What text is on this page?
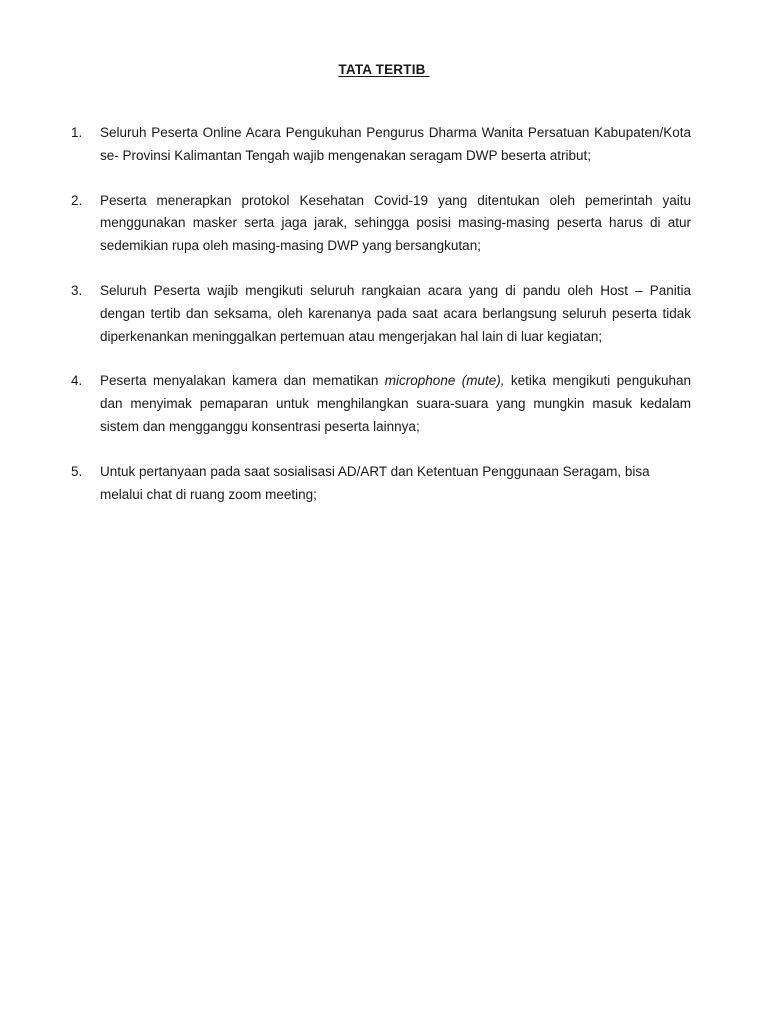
TATA TERTIB
1.	Seluruh Peserta Online Acara Pengukuhan Pengurus Dharma Wanita Persatuan Kabupaten/Kota se- Provinsi Kalimantan Tengah wajib mengenakan seragam DWP beserta atribut;
2.	Peserta menerapkan protokol Kesehatan Covid-19 yang ditentukan oleh pemerintah yaitu menggunakan masker serta jaga jarak, sehingga posisi masing-masing peserta harus di atur sedemikian rupa oleh masing-masing DWP yang bersangkutan;
3.	Seluruh Peserta wajib mengikuti seluruh rangkaian acara yang di pandu oleh Host – Panitia dengan tertib dan seksama, oleh karenanya pada saat acara berlangsung seluruh peserta tidak diperkenankan meninggalkan pertemuan atau mengerjakan hal lain di luar kegiatan;
4.	Peserta menyalakan kamera dan mematikan microphone (mute), ketika mengikuti pengukuhan dan menyimak pemaparan untuk menghilangkan suara-suara yang mungkin masuk kedalam sistem dan mengganggu konsentrasi peserta lainnya;
5.	Untuk pertanyaan pada saat sosialisasi AD/ART dan Ketentuan Penggunaan Seragam, bisa melalui chat di ruang zoom meeting;
